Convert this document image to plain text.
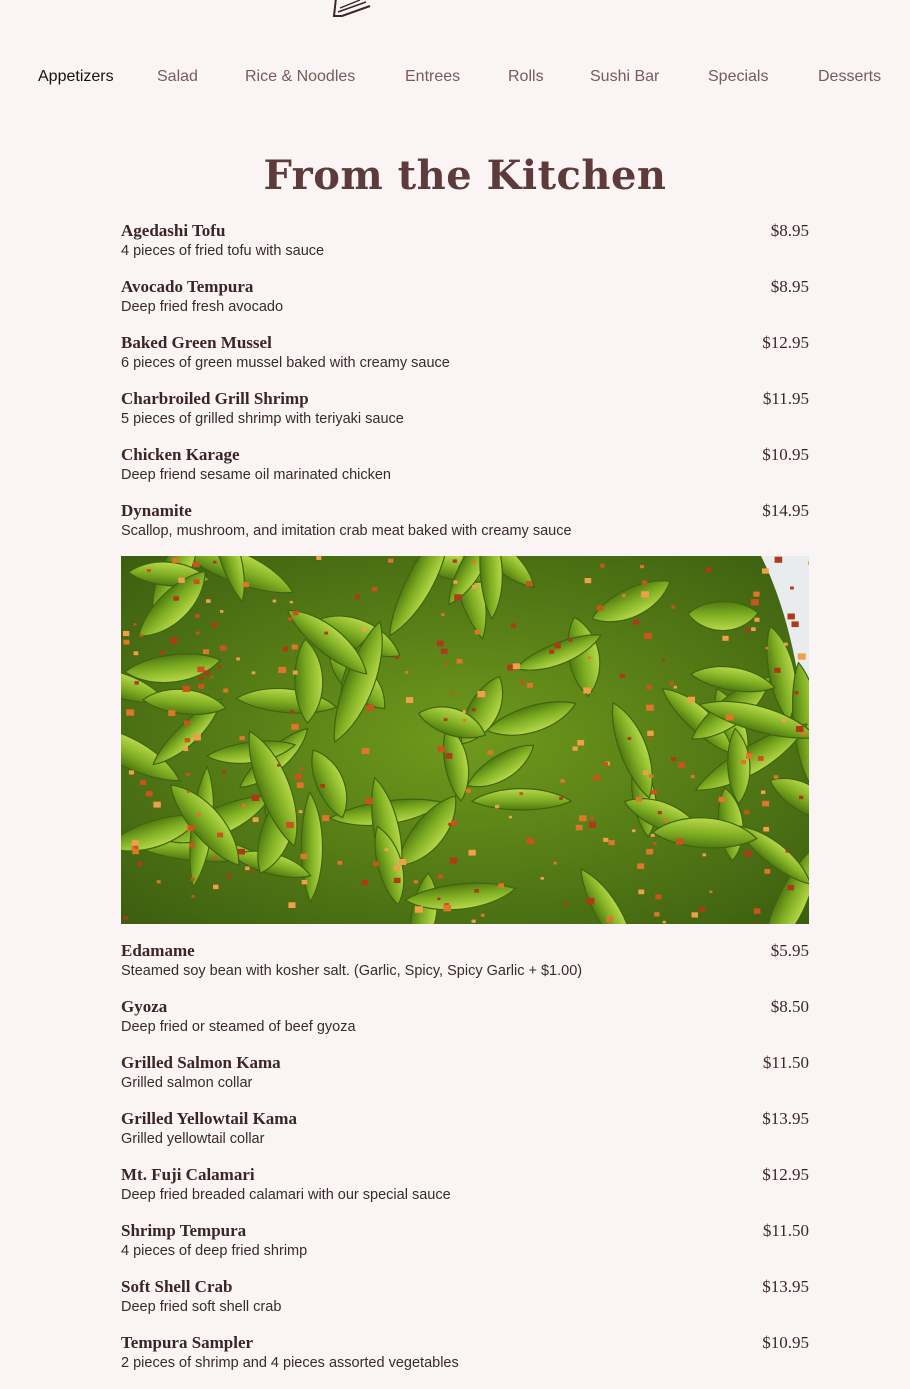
Appetizers	Salad	Rice & Noodles	Entrees	Rolls	Sushi Bar	Specials	Desserts
From the Kitchen
Agedashi Tofu	$8.95
4 pieces of fried tofu with sauce
Avocado Tempura	$8.95
Deep fried fresh avocado
Baked Green Mussel	$12.95
6 pieces of green mussel baked with creamy sauce
Charbroiled Grill Shrimp	$11.95
5 pieces of grilled shrimp with teriyaki sauce
Chicken Karage	$10.95
Deep friend sesame oil marinated chicken
Dynamite	$14.95
Scallop, mushroom, and imitation crab meat baked with creamy sauce
Edamame	$5.95
Steamed soy bean with kosher salt. (Garlic, Spicy, Spicy Garlic + $1.00)
Gyoza	$8.50
Deep fried or steamed of beef gyoza
Grilled Salmon Kama	$11.50
Grilled salmon collar
Grilled Yellowtail Kama	$13.95
Grilled yellowtail collar
Mt. Fuji Calamari	$12.95
Deep fried breaded calamari with our special sauce
Shrimp Tempura	$11.50
4 pieces of deep fried shrimp
Soft Shell Crab	$13.95
Deep fried soft shell crab
Tempura Sampler	$10.95
2 pieces of shrimp and 4 pieces assorted vegetables
